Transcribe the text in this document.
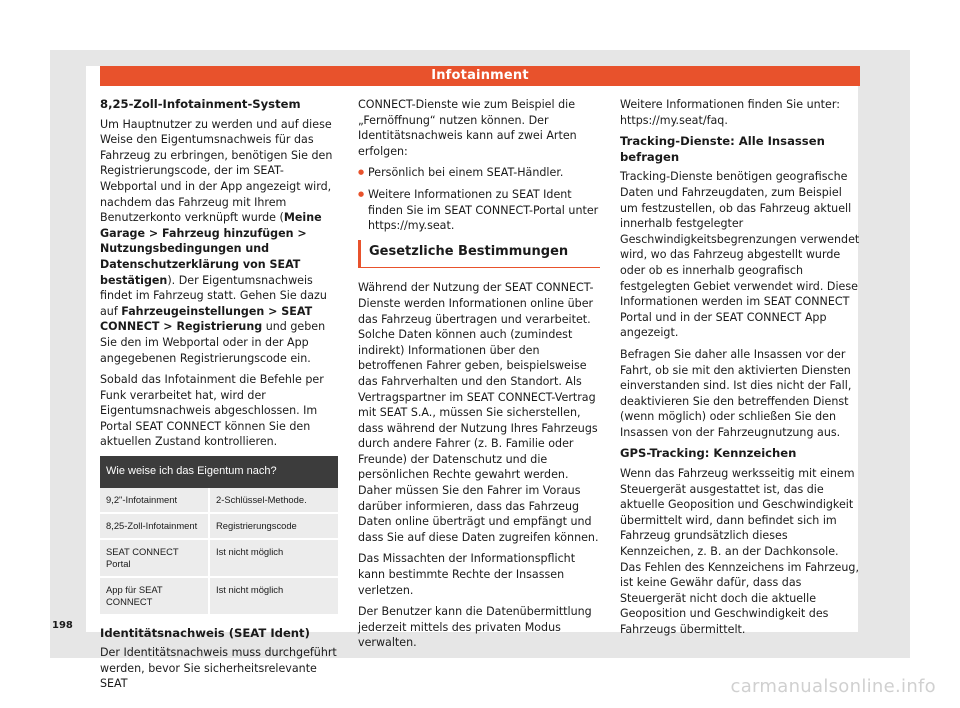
Infotainment
8,25-Zoll-Infotainment-System

Um Hauptnutzer zu werden und auf diese Weise den Eigentumsnachweis für das Fahrzeug zu erbringen, benötigen Sie den Registrierungscode, der im SEAT-Webportal und in der App angezeigt wird, nachdem das Fahrzeug mit Ihrem Benutzerkonto verknüpft wurde (Meine Garage > Fahrzeug hinzufügen > Nutzungsbedingungen und Datenschutzerklärung von SEAT bestätigen). Der Eigentumsnachweis findet im Fahrzeug statt. Gehen Sie dazu auf Fahrzeugeinstellungen > SEAT CONNECT > Registrierung und geben Sie den im Webportal oder in der App angegebenen Registrierungscode ein.

Sobald das Infotainment die Befehle per Funk verarbeitet hat, wird der Eigentumsnachweis abgeschlossen. Im Portal SEAT CONNECT können Sie den aktuellen Zustand kontrollieren.

Wie weise ich das Eigentum nach?	
9,2"-Infotainment	2-Schlüssel-Methode.
8,25-Zoll-Infotainment	Registrierungscode
SEAT CONNECT Portal	Ist nicht möglich
App für SEAT CONNECT	Ist nicht möglich
Identitätsnachweis (SEAT Ident)

Der Identitätsnachweis muss durchgeführt werden, bevor Sie sicherheitsrelevante SEAT

CONNECT-Dienste wie zum Beispiel die „Fernöffnung“ nutzen können. Der Identitätsnachweis kann auf zwei Arten erfolgen:

● Persönlich bei einem SEAT-Händler.
● Weitere Informationen zu SEAT Ident finden Sie im SEAT CONNECT-Portal unter https://my.seat.
Gesetzliche Bestimmungen

Während der Nutzung der SEAT CONNECT-Dienste werden Informationen online über das Fahrzeug übertragen und verarbeitet. Solche Daten können auch (zumindest indirekt) Informationen über den betroffenen Fahrer geben, beispielsweise das Fahrverhalten und den Standort. Als Vertragspartner im SEAT CONNECT-Vertrag mit SEAT S.A., müssen Sie sicherstellen, dass während der Nutzung Ihres Fahrzeugs durch andere Fahrer (z. B. Familie oder Freunde) der Datenschutz und die persönlichen Rechte gewahrt werden. Daher müssen Sie den Fahrer im Voraus darüber informieren, dass das Fahrzeug Daten online überträgt und empfängt und dass Sie auf diese Daten zugreifen können.

Das Missachten der Informationspflicht kann bestimmte Rechte der Insassen verletzen.

Der Benutzer kann die Datenübermittlung jederzeit mittels des privaten Modus verwalten.

Weitere Informationen finden Sie unter: https://my.seat/faq.

Tracking-Dienste: Alle Insassen befragen

Tracking-Dienste benötigen geografische Daten und Fahrzeugdaten, zum Beispiel um festzustellen, ob das Fahrzeug aktuell innerhalb festgelegter Geschwindigkeitsbegrenzungen verwendet wird, wo das Fahrzeug abgestellt wurde oder ob es innerhalb geografisch festgelegten Gebiet verwendet wird. Diese Informationen werden im SEAT CONNECT Portal und in der SEAT CONNECT App angezeigt.

Befragen Sie daher alle Insassen vor der Fahrt, ob sie mit den aktivierten Diensten einverstanden sind. Ist dies nicht der Fall, deaktivieren Sie den betreffenden Dienst (wenn möglich) oder schließen Sie den Insassen von der Fahrzeugnutzung aus.

GPS-Tracking: Kennzeichen

Wenn das Fahrzeug werksseitig mit einem Steuergerät ausgestattet ist, das die aktuelle Geoposition und Geschwindigkeit übermittelt wird, dann befindet sich im Fahrzeug grundsätzlich dieses Kennzeichen, z. B. an der Dachkonsole. Das Fehlen des Kennzeichens im Fahrzeug, ist keine Gewähr dafür, dass das Steuergerät nicht doch die aktuelle Geoposition und Geschwindigkeit des Fahrzeugs übermittelt.

198
carmanualsonline.info
